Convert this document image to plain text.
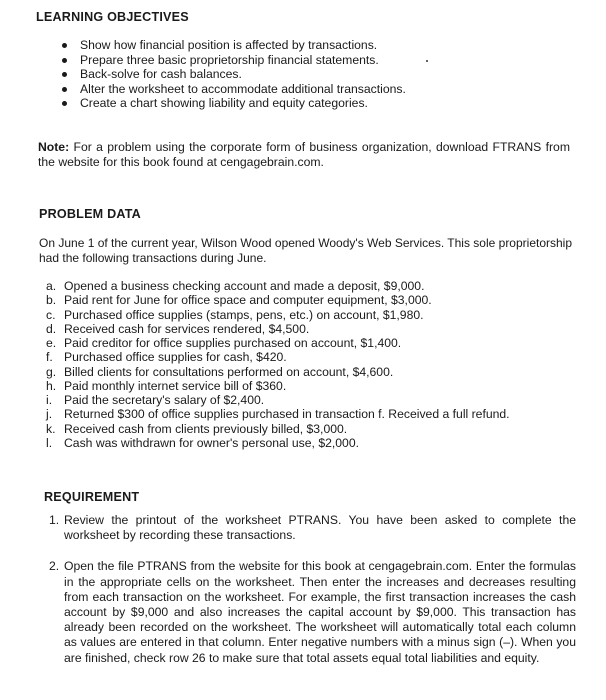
LEARNING OBJECTIVES
Show how financial position is affected by transactions.
Prepare three basic proprietorship financial statements.
Back-solve for cash balances.
Alter the worksheet to accommodate additional transactions.
Create a chart showing liability and equity categories.

Note: For a problem using the corporate form of business organization, download FTRANS from the website for this book found at cengagebrain.com.

PROBLEM DATA

On June 1 of the current year, Wilson Wood opened Woody's Web Services. This sole proprietorship had the following transactions during June.

a. Opened a business checking account and made a deposit, $9,000.
b. Paid rent for June for office space and computer equipment, $3,000.
c. Purchased office supplies (stamps, pens, etc.) on account, $1,980.
d. Received cash for services rendered, $4,500.
e. Paid creditor for office supplies purchased on account, $1,400.
f. Purchased office supplies for cash, $420.
g. Billed clients for consultations performed on account, $4,600.
h. Paid monthly internet service bill of $360.
i. Paid the secretary's salary of $2,400.
j. Returned $300 of office supplies purchased in transaction f. Received a full refund.
k. Received cash from clients previously billed, $3,000.
l. Cash was withdrawn for owner's personal use, $2,000.
REQUIREMENT
1. Review the printout of the worksheet PTRANS. You have been asked to complete the worksheet by recording these transactions.
2. Open the file PTRANS from the website for this book at cengagebrain.com. Enter the formulas in the appropriate cells on the worksheet. Then enter the increases and decreases resulting from each transaction on the worksheet. For example, the first transaction increases the cash account by $9,000 and also increases the capital account by $9,000. This transaction has already been recorded on the worksheet. The worksheet will automatically total each column as values are entered in that column. Enter negative numbers with a minus sign (–). When you are finished, check row 26 to make sure that total assets equal total liabilities and equity.
